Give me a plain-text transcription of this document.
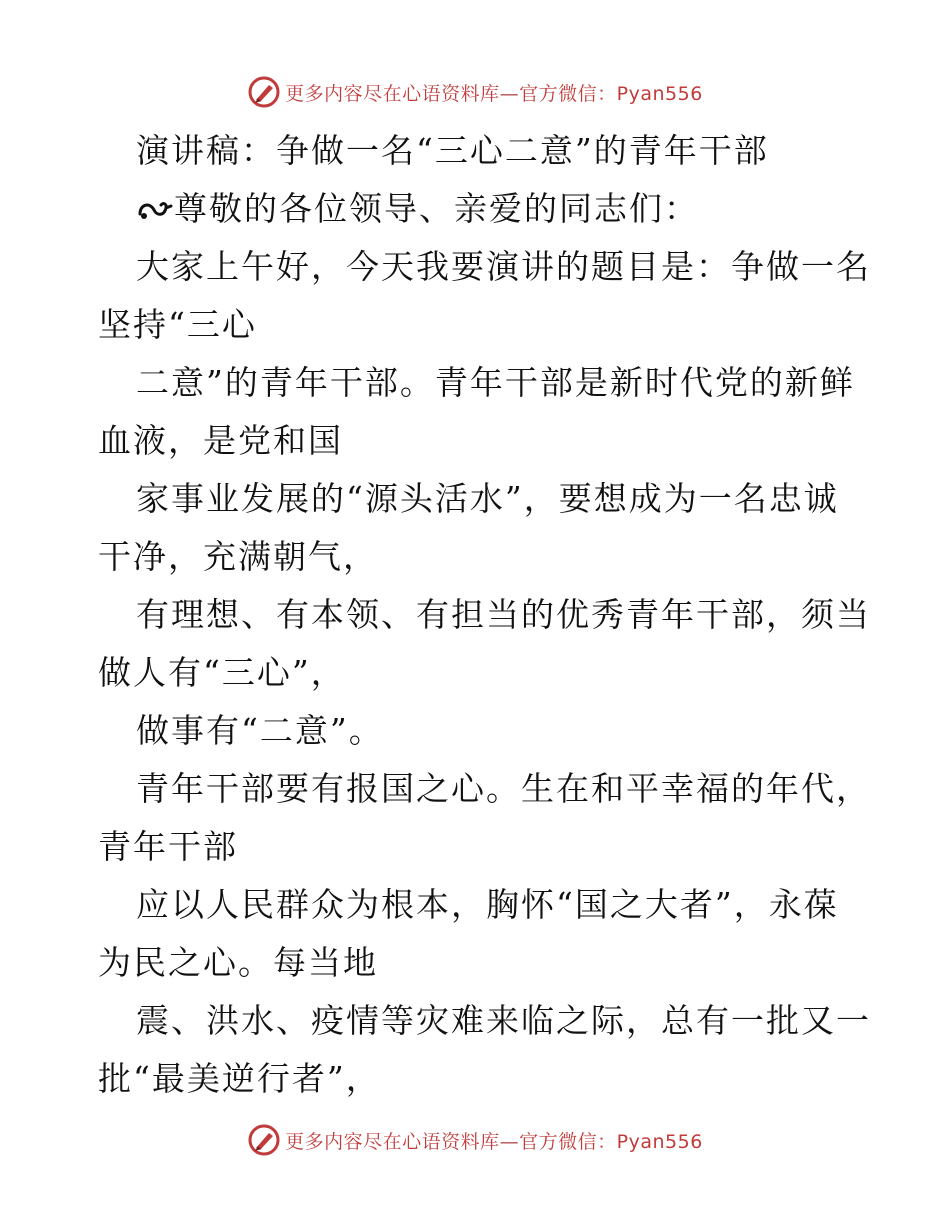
更多内容尽在心语资料库—官方微信：Pyan556
演讲稿：争做一名“三心二意”的青年干部
尊敬的各位领导、亲爱的同志们：
大家上午好，今天我要演讲的题目是：争做一名
坚持“三心
二意”的青年干部。青年干部是新时代党的新鲜
血液，是党和国
家事业发展的“源头活水”，要想成为一名忠诚
干净，充满朝气，
有理想、有本领、有担当的优秀青年干部，须当
做人有“三心”，
做事有“二意”。
青年干部要有报国之心。生在和平幸福的年代，
青年干部
应以人民群众为根本，胸怀“国之大者”，永葆
为民之心。每当地
震、洪水、疫情等灾难来临之际，总有一批又一
批“最美逆行者”，
更多内容尽在心语资料库—官方微信：Pyan556
